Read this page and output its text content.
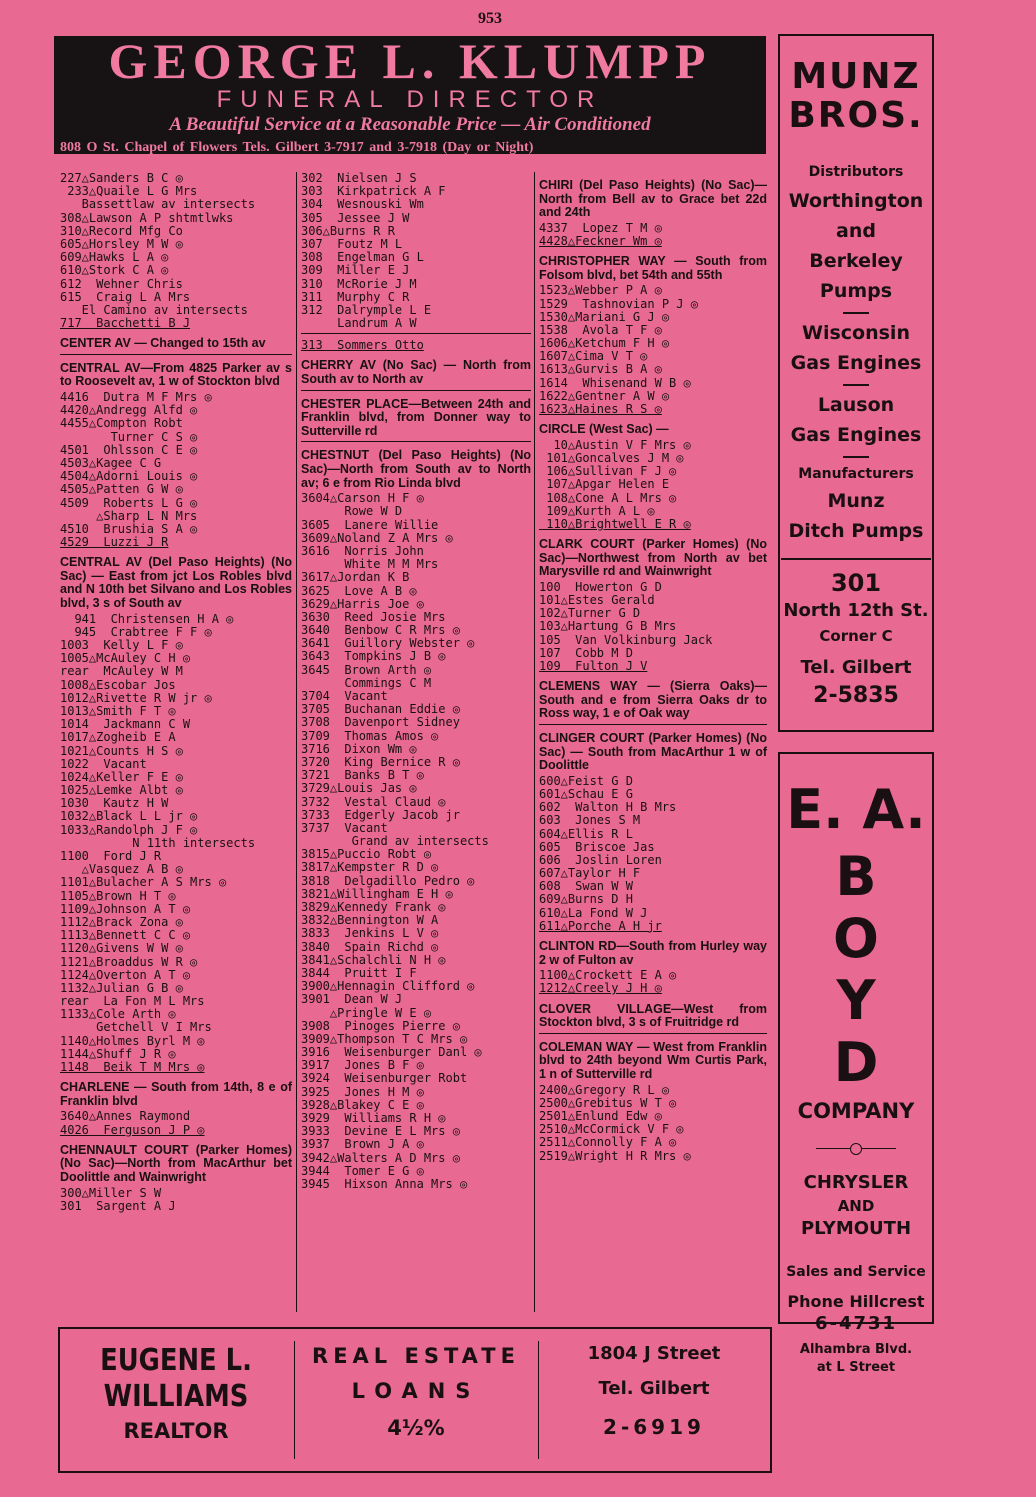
953
GEORGE L. KLUMPP
FUNERAL DIRECTOR
A Beautiful Service at a Reasonable Price — Air Conditioned
808 O St. Chapel of Flowers Tels. Gilbert 3-7917 and 3-7918 (Day or Night)
227△Sanders B C ◎
233△Quaile L G Mrs
Bassettlaw av intersects
308△Lawson A P shtmtlwks
310△Record Mfg Co
605△Horsley M W ◎
609△Hawks L A ◎
610△Stork C A ◎
612  Wehner Chris
615  Craig L A Mrs
El Camino av intersects
717  Bacchetti B J
CENTER AV — Changed to 15th av
CENTRAL AV—From 4825 Parker av s to Roosevelt av, 1 w of Stockton blvd
4416  Dutra M F Mrs ◎
4420△Andregg Alfd ◎
4455△Compton Robt
Turner C S ◎
4501  Ohlsson C E ◎
4503△Kagee C G
4504△Adorni Louis ◎
4505△Patten G W ◎
4509  Roberts L G ◎
△Sharp L N Mrs
4510  Brushia S A ◎
4529  Luzzi J R
CENTRAL AV (Del Paso Heights) (No Sac) — East from jct Los Robles blvd and N 10th bet Silvano and Los Robles blvd, 3 s of South av
941  Christensen H A ◎
945  Crabtree F F ◎
1003  Kelly L F ◎
1005△McAuley C H ◎
rear  McAuley W M
1008△Escobar Jos
1012△Rivette R W jr ◎
1013△Smith F T ◎
1014  Jackmann C W
1017△Zogheib E A
1021△Counts H S ◎
1022  Vacant
1024△Keller F E ◎
1025△Lemke Albt ◎
1030  Kautz H W
1032△Black L L jr ◎
1033△Randolph J F ◎
N 11th intersects
1100  Ford J R
△Vasquez A B ◎
1101△Bulacher A S Mrs ◎
1105△Brown H T ◎
1109△Johnson A T ◎
1112△Brack Zona ◎
1113△Bennett C C ◎
1120△Givens W W ◎
1121△Broaddus W R ◎
1124△Overton A T ◎
1132△Julian G B ◎
rear  La Fon M L Mrs
1133△Cole Arth ◎
Getchell V I Mrs
1140△Holmes Byrl M ◎
1144△Shuff J R ◎
1148  Beik T M Mrs ◎
CHARLENE — South from 14th, 8 e of Franklin blvd
3640△Annes Raymond
4026  Ferguson J P ◎
CHENNAULT COURT (Parker Homes) (No Sac)—North from MacArthur bet Doolittle and Wainwright
300△Miller S W
301  Sargent A J
302  Nielsen J S
303  Kirkpatrick A F
304  Wesnouski Wm
305  Jessee J W
306△Burns R R
307  Foutz M L
308  Engelman G L
309  Miller E J
310  McRorie J M
311  Murphy C R
312  Dalrymple L E
Landrum A W
313  Sommers Otto
CHERRY AV (No Sac) — North from South av to North av
CHESTER PLACE—Between 24th and Franklin blvd, from Donner way to Sutterville rd
CHESTNUT (Del Paso Heights) (No Sac)—North from South av to North av; 6 e from Rio Linda blvd
3604△Carson H F ◎
Rowe W D
3605  Lanere Willie
3609△Noland Z A Mrs ◎
3616  Norris John
White M M Mrs
3617△Jordan K B
3625  Love A B ◎
3629△Harris Joe ◎
3630  Reed Josie Mrs
3640  Benbow C R Mrs ◎
3641  Guillory Webster ◎
3643  Tompkins J B ◎
3645  Brown Arth ◎
Commings C M
3704  Vacant
3705  Buchanan Eddie ◎
3708  Davenport Sidney
3709  Thomas Amos ◎
3716  Dixon Wm ◎
3720  King Bernice R ◎
3721  Banks B T ◎
3729△Louis Jas ◎
3732  Vestal Claud ◎
3733  Edgerly Jacob jr
3737  Vacant
Grand av intersects
3815△Puccio Robt ◎
3817△Kempster R D ◎
3818  Delgadillo Pedro ◎
3821△Willingham E H ◎
3829△Kennedy Frank ◎
3832△Bennington W A
3833  Jenkins L V ◎
3840  Spain Richd ◎
3841△Schalchli N H ◎
3844  Pruitt I F
3900△Hennagin Clifford ◎
3901  Dean W J
△Pringle W E ◎
3908  Pinoges Pierre ◎
3909△Thompson T C Mrs ◎
3916  Weisenburger Danl ◎
3917  Jones B F ◎
3924  Weisenburger Robt
3925  Jones H M ◎
3928△Blakey C E ◎
3929  Williams R H ◎
3933  Devine E L Mrs ◎
3937  Brown J A ◎
3942△Walters A D Mrs ◎
3944  Tomer E G ◎
3945  Hixson Anna Mrs ◎
CHIRI (Del Paso Heights) (No Sac)—North from Bell av to Grace bet 22d and 24th
4337  Lopez T M ◎
4428△Feckner Wm ◎
CHRISTOPHER WAY — South from Folsom blvd, bet 54th and 55th
1523△Webber P A ◎
1529  Tashnovian P J ◎
1530△Mariani G J ◎
1538  Avola T F ◎
1606△Ketchum F H ◎
1607△Cima V T ◎
1613△Gurvis B A ◎
1614  Whisenand W B ◎
1622△Gentner A W ◎
1623△Haines R S ◎
CIRCLE (West Sac) —
10△Austin V F Mrs ◎
101△Goncalves J M ◎
106△Sullivan F J ◎
107△Apgar Helen E
108△Cone A L Mrs ◎
109△Kurth A L ◎
110△Brightwell E R ◎
CLARK COURT (Parker Homes) (No Sac)—Northwest from North av bet Marysville rd and Wainwright
100  Howerton G D
101△Estes Gerald
102△Turner G D
103△Hartung G B Mrs
105  Van Volkinburg Jack
107  Cobb M D
109  Fulton J V
CLEMENS WAY — (Sierra Oaks)—South and e from Sierra Oaks dr to Ross way, 1 e of Oak way
CLINGER COURT (Parker Homes) (No Sac) — South from MacArthur 1 w of Doolittle
600△Feist G D
601△Schau E G
602  Walton H B Mrs
603  Jones S M
604△Ellis R L
605  Briscoe Jas
606  Joslin Loren
607△Taylor H F
608  Swan W W
609△Burns D H
610△La Fond W J
611△Porche A H jr
CLINTON RD—South from Hurley way 2 w of Fulton av
1100△Crockett E A ◎
1212△Creely J H ◎
CLOVER VILLAGE—West from Stockton blvd, 3 s of Fruitridge rd
COLEMAN WAY — West from Franklin blvd to 24th beyond Wm Curtis Park, 1 n of Sutterville rd
2400△Gregory R L ◎
2500△Grebitus W T ◎
2501△Enlund Edw ◎
2510△McCormick V F ◎
2511△Connolly F A ◎
2519△Wright H R Mrs ◎
MUNZ
BROS.
Distributors
Worthington
and
Berkeley
Pumps
Wisconsin
Gas Engines
Lauson
Gas Engines
Manufacturers
Munz
Ditch Pumps
301
North 12th St.
Corner C
Tel. Gilbert
2-5835
E. A.
B
O
Y
D
COMPANY
CHRYSLER
AND
PLYMOUTH
Sales and Service
Phone Hillcrest
6-4731
Alhambra Blvd.
at L Street
EUGENE L.
WILLIAMS
REALTOR
REAL ESTATE
LOANS
4½%
1804 J Street
Tel. Gilbert
2-6919
